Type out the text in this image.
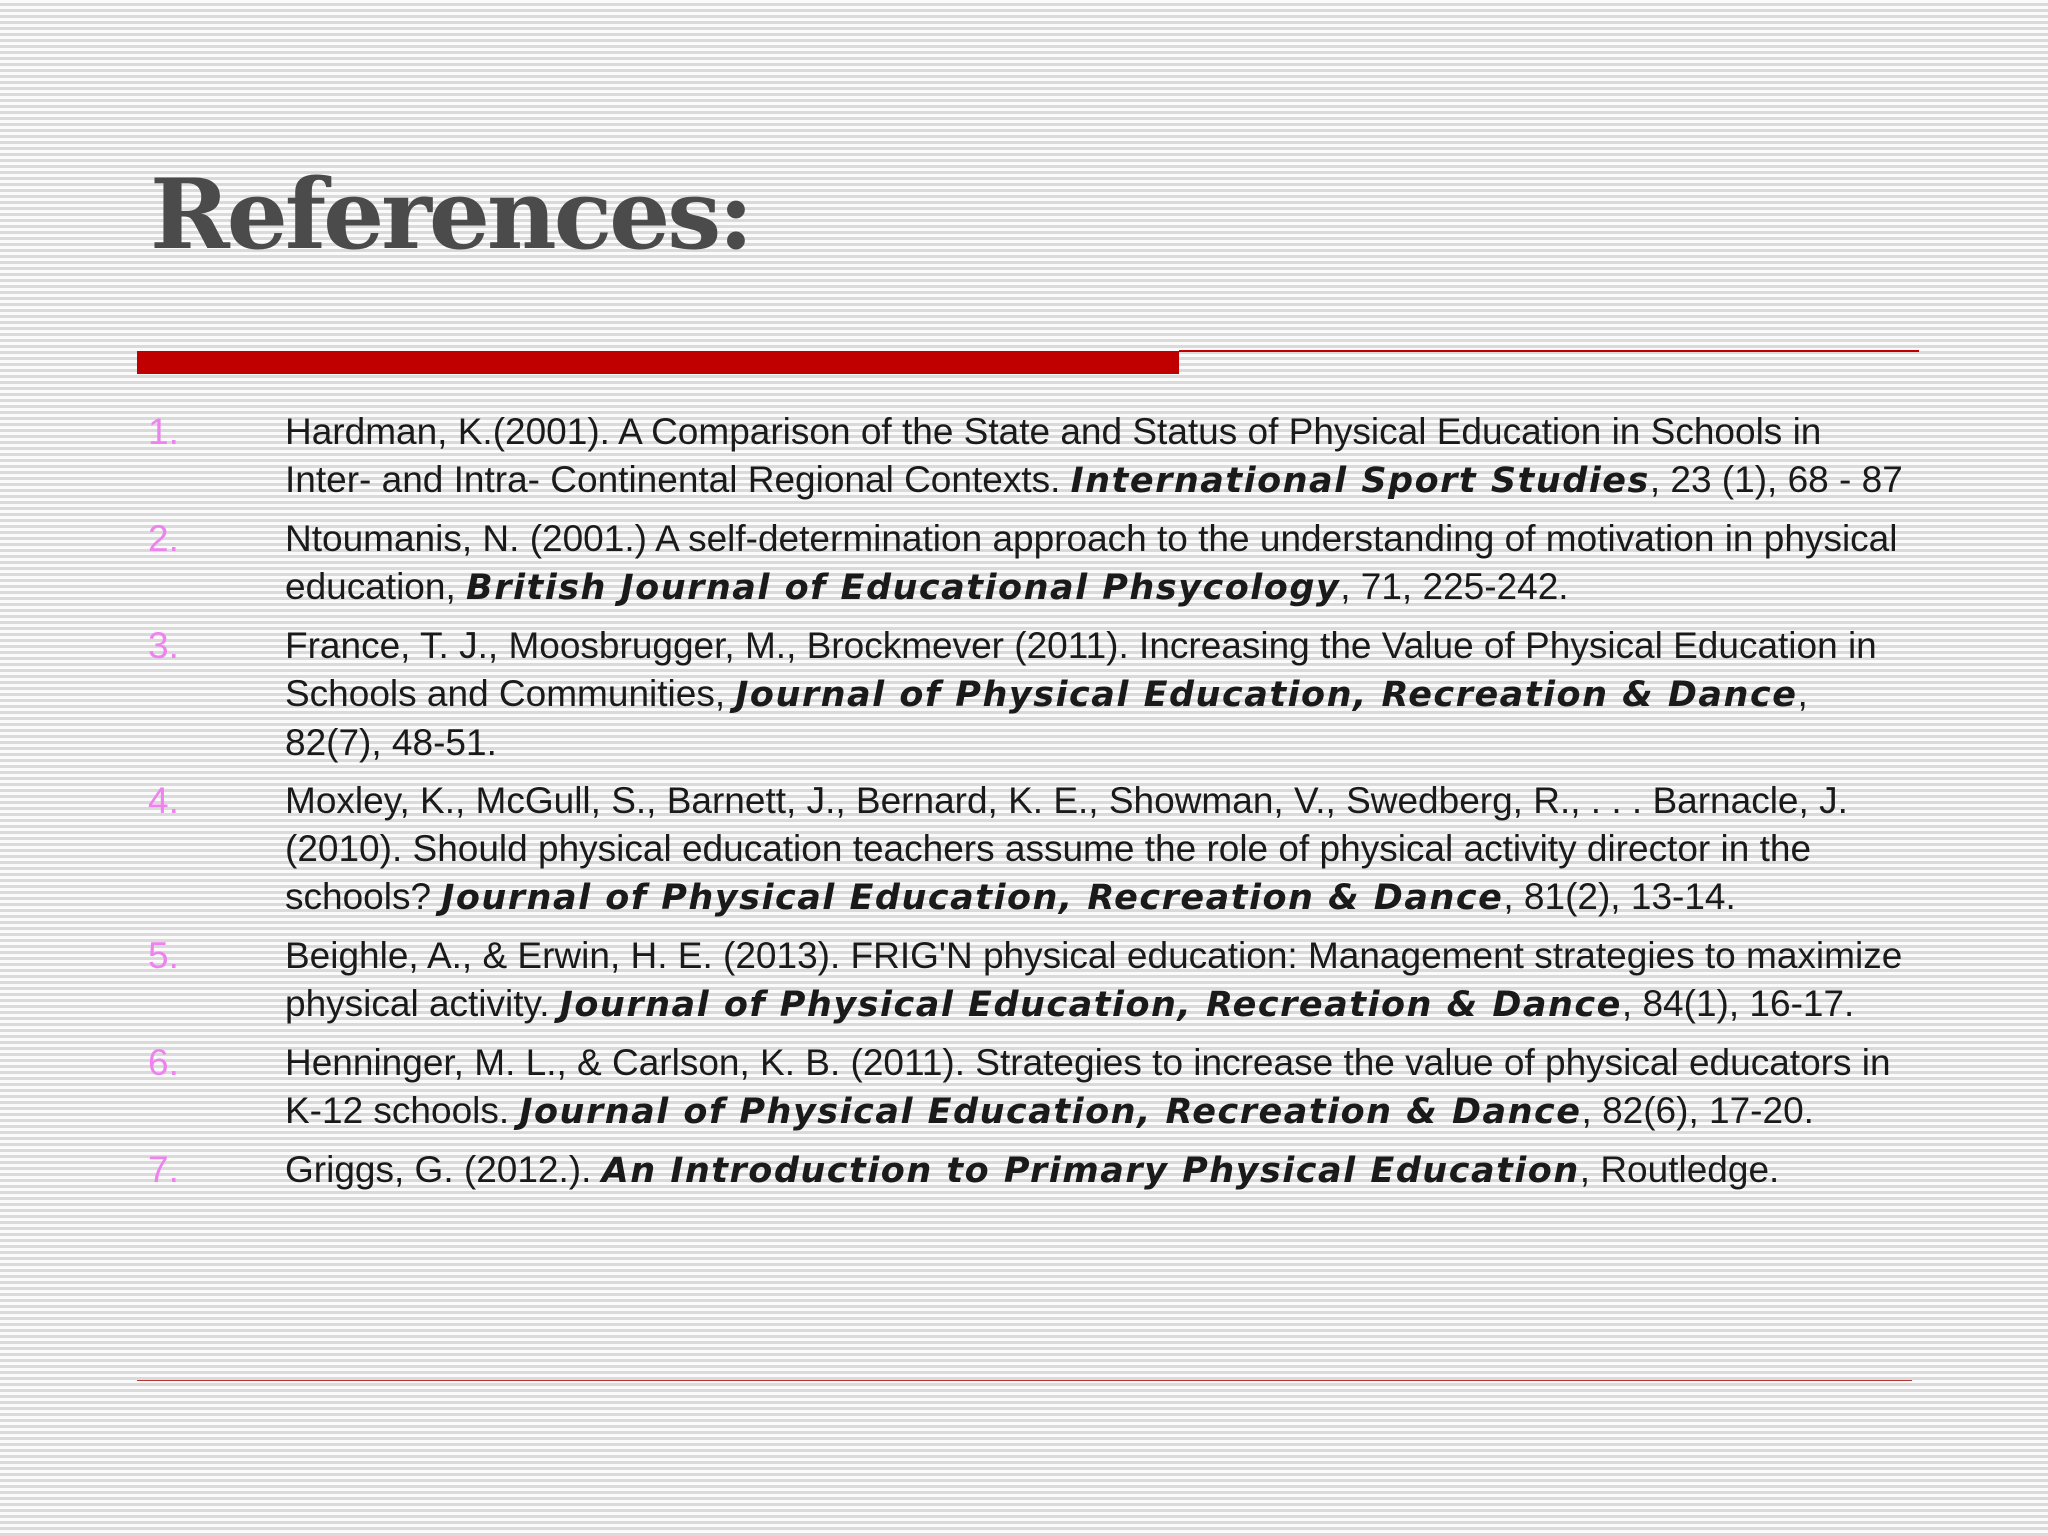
References:
1.	Hardman, K.(2001). A Comparison of the State and Status of Physical Education in Schools in Inter- and Intra- Continental Regional Contexts. International Sport Studies, 23 (1), 68 - 87
2.	Ntoumanis, N. (2001.) A self-determination approach to the understanding of motivation in physical education, British Journal of Educational Phsycology, 71, 225-242.
3.	France, T. J., Moosbrugger, M., Brockmever (2011). Increasing the Value of Physical Education in Schools and Communities, Journal of Physical Education, Recreation & Dance, 82(7), 48-51.
4.	Moxley, K., McGull, S., Barnett, J., Bernard, K. E., Showman, V., Swedberg, R., . . . Barnacle, J. (2010). Should physical education teachers assume the role of physical activity director in the schools? Journal of Physical Education, Recreation & Dance, 81(2), 13-14.
5.	Beighle, A., & Erwin, H. E. (2013). FRIG'N physical education: Management strategies to maximize physical activity. Journal of Physical Education, Recreation & Dance, 84(1), 16-17.
6.	Henninger, M. L., & Carlson, K. B. (2011). Strategies to increase the value of physical educators in K-12 schools. Journal of Physical Education, Recreation & Dance, 82(6), 17-20.
7.	Griggs, G. (2012.). An Introduction to Primary Physical Education, Routledge.
